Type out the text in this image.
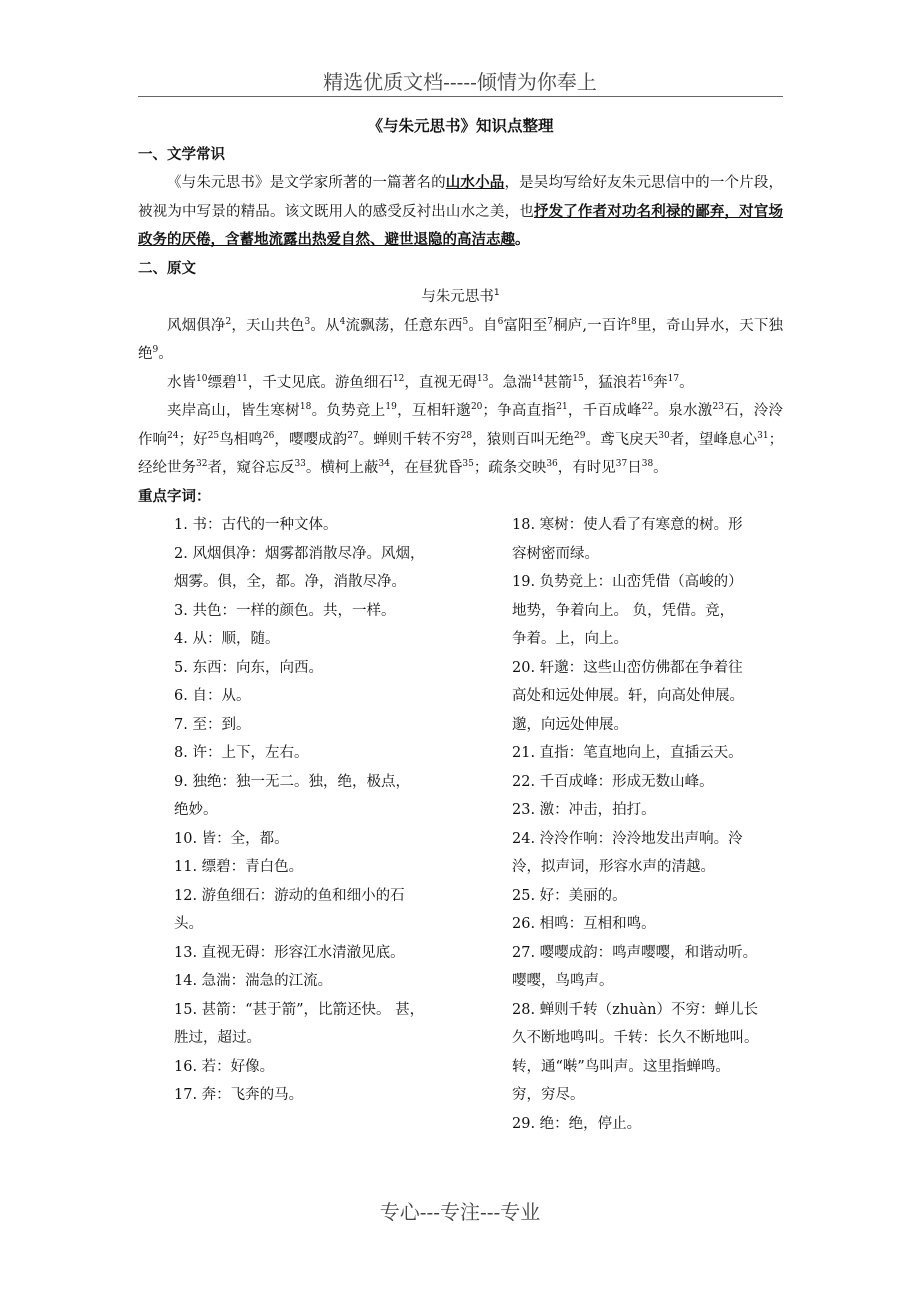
精选优质文档-----倾情为你奉上
《与朱元思书》知识点整理
一、文学常识

《与朱元思书》是文学家所著的一篇著名的山水小品，是吴均写给好友朱元思信中的一个片段，被视为中写景的精品。该文既用人的感受反衬出山水之美，也抒发了作者对功名利禄的鄙弃，对官场政务的厌倦，含蓄地流露出热爱自然、避世退隐的高洁志趣。

二、原文
与朱元思书$^1$

风烟俱净$^2$，天山共色$^3$。从$^4$流飘荡，任意东西$^5$。自$^6$富阳至$^7$桐庐,一百许$^8$里，奇山异水，天下独绝$^9$。

水皆$^{10}$缥碧$^{11}$，千丈见底。游鱼细石$^{12}$，直视无碍$^{13}$。急湍$^{14}$甚箭$^{15}$，猛浪若$^{16}$奔$^{17}$。

夹岸高山，皆生寒树$^{18}$。负势竞上$^{19}$，互相轩邈$^{20}$；争高直指$^{21}$，千百成峰$^{22}$。泉水激$^{23}$石，泠泠作响$^{24}$；好$^{25}$鸟相鸣$^{26}$，嘤嘤成韵$^{27}$。蝉则千转不穷$^{28}$，猿则百叫无绝$^{29}$。鸢飞戾天$^{30}$者，望峰息心$^{31}$；经纶世务$^{32}$者，窥谷忘反$^{33}$。横柯上蔽$^{34}$，在昼犹昏$^{35}$；疏条交映$^{36}$，有时见$^{37}$日$^{38}$。

重点字词：
1. 书：古代的一种文体。
2. 风烟俱净：烟雾都消散尽净。风烟，
烟雾。俱，全，都。净，消散尽净。
3. 共色：一样的颜色。共，一样。
4. 从：顺，随。
5. 东西：向东，向西。
6. 自：从。
7. 至：到。
8. 许：上下，左右。
9. 独绝：独一无二。独，绝，极点，
绝妙。
10. 皆：全，都。
11. 缥碧：青白色。
12. 游鱼细石：游动的鱼和细小的石
头。
13. 直视无碍：形容江水清澈见底。
14. 急湍：湍急的江流。
15. 甚箭：“甚于箭”，比箭还快。 甚，
胜过，超过。
16. 若：好像。
17. 奔：飞奔的马。
18. 寒树：使人看了有寒意的树。形
容树密而绿。
19. 负势竞上：山峦凭借（高峻的）
地势，争着向上。 负，凭借。竞，
争着。上，向上。
20. 轩邈：这些山峦仿佛都在争着往
高处和远处伸展。轩，向高处伸展。
邈，向远处伸展。
21. 直指：笔直地向上，直插云天。
22. 千百成峰：形成无数山峰。
23. 激：冲击，拍打。
24. 泠泠作响：泠泠地发出声响。泠
泠，拟声词，形容水声的清越。
25. 好：美丽的。
26. 相鸣：互相和鸣。
27. 嘤嘤成韵：鸣声嘤嘤，和谐动听。
嘤嘤，鸟鸣声。
28. 蝉则千转（zhuàn）不穷：蝉儿长
久不断地鸣叫。千转：长久不断地叫。
转，通“啭”鸟叫声。这里指蝉鸣。
穷，穷尽。
29. 绝：绝，停止。
专心---专注---专业
